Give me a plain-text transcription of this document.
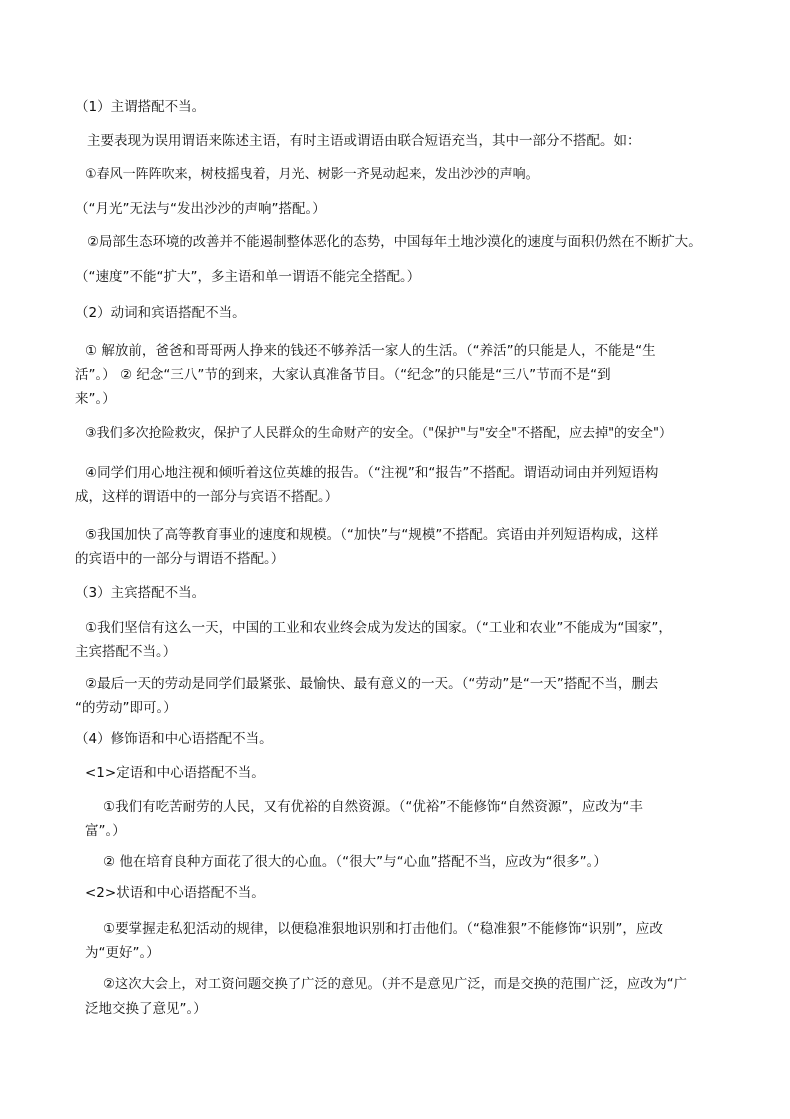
（1）主谓搭配不当。
主要表现为误用谓语来陈述主语，有时主语或谓语由联合短语充当，其中一部分不搭配。如：
①春风一阵阵吹来，树枝摇曳着，月光、树影一齐晃动起来，发出沙沙的声响。
（“月光”无法与“发出沙沙的声响”搭配。）
②局部生态环境的改善并不能遏制整体恶化的态势，中国每年土地沙漠化的速度与面积仍然在不断扩大。
（“速度”不能“扩大”，多主语和单一谓语不能完全搭配。）
（2）动词和宾语搭配不当。
① 解放前，爸爸和哥哥两人挣来的钱还不够养活一家人的生活。（“养活”的只能是人，不能是“生
活”。） ② 纪念“三八”节的到来，大家认真准备节目。（“纪念”的只能是“三八”节而不是“到
来”。）
③我们多次抢险救灾，保护了人民群众的生命财产的安全。（"保护"与"安全"不搭配，应去掉"的安全"）
④同学们用心地注视和倾听着这位英雄的报告。（“注视”和“报告”不搭配。谓语动词由并列短语构
成，这样的谓语中的一部分与宾语不搭配。）
⑤我国加快了高等教育事业的速度和规模。（“加快”与“规模”不搭配。宾语由并列短语构成，这样
的宾语中的一部分与谓语不搭配。）
（3）主宾搭配不当。
①我们坚信有这么一天，中国的工业和农业终会成为发达的国家。（“工业和农业”不能成为“国家”，
主宾搭配不当。）
②最后一天的劳动是同学们最紧张、最愉快、最有意义的一天。（“劳动”是“一天”搭配不当，删去
“的劳动”即可。）
（4）修饰语和中心语搭配不当。
<1>定语和中心语搭配不当。
①我们有吃苦耐劳的人民，又有优裕的自然资源。（“优裕”不能修饰“自然资源”，应改为“丰
富”。）
② 他在培育良种方面花了很大的心血。（“很大”与“心血”搭配不当，应改为“很多”。）
<2>状语和中心语搭配不当。
①要掌握走私犯活动的规律，以便稳准狠地识别和打击他们。（“稳准狠”不能修饰“识别”，应改
为“更好”。）
②这次大会上，对工资问题交换了广泛的意见。（并不是意见广泛，而是交换的范围广泛，应改为“广
泛地交换了意见”。）
